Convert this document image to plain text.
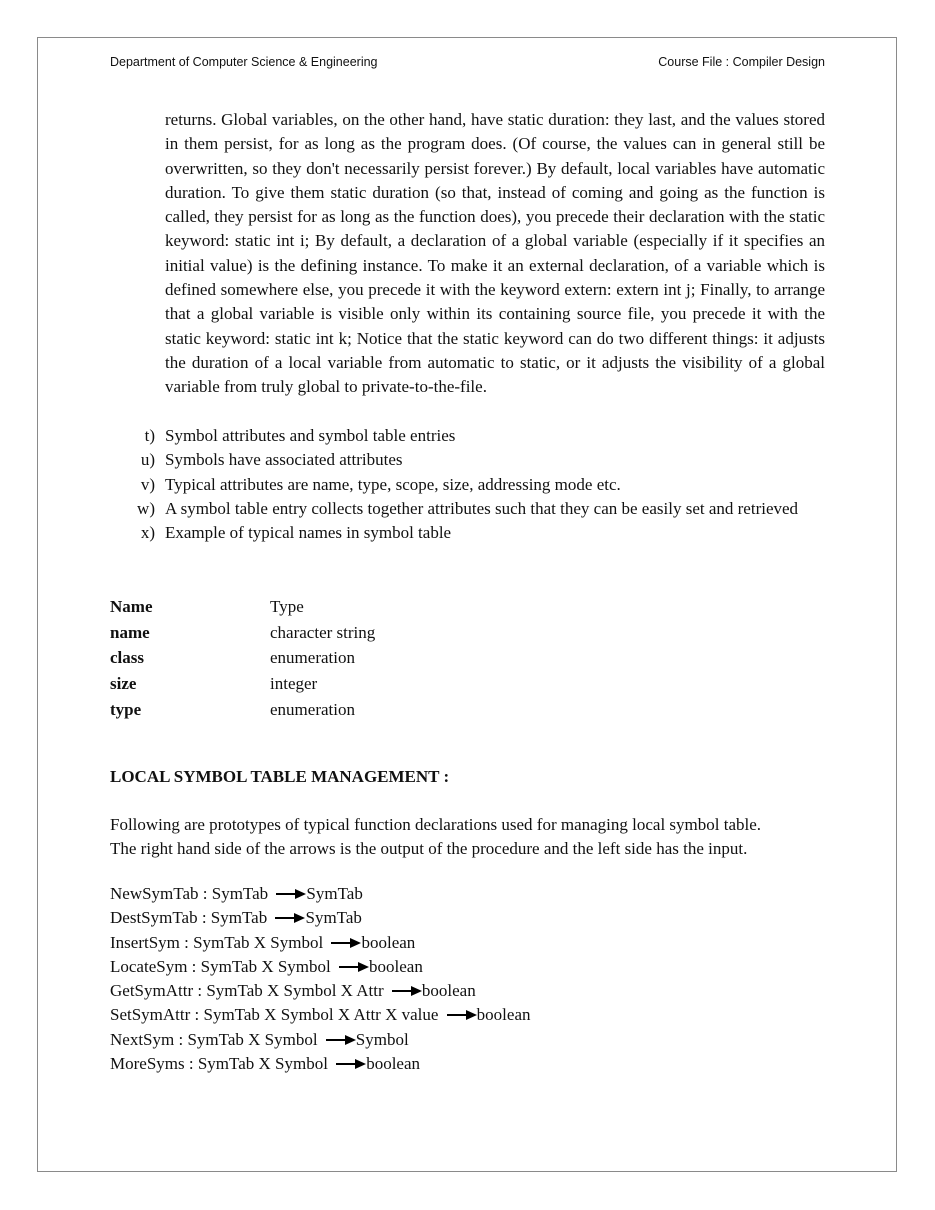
Department of Computer Science & Engineering	Course File : Compiler Design
returns. Global variables, on the other hand, have static duration: they last, and the values stored in them persist, for as long as the program does. (Of course, the values can in general still be overwritten, so they don't necessarily persist forever.) By default, local variables have automatic duration. To give them static duration (so that, instead of coming and going as the function is called, they persist for as long as the function does), you precede their declaration with the static keyword: static int i; By default, a declaration of a global variable (especially if it specifies an initial value) is the defining instance. To make it an external declaration, of a variable which is defined somewhere else, you precede it with the keyword extern: extern int j; Finally, to arrange that a global variable is visible only within its containing source file, you precede it with the static keyword: static int k; Notice that the static keyword can do two different things: it adjusts the duration of a local variable from automatic to static, or it adjusts the visibility of a global variable from truly global to private-to-the-file.
t) Symbol attributes and symbol table entries
u) Symbols have associated attributes
v) Typical attributes are name, type, scope, size, addressing mode etc.
w) A symbol table entry collects together attributes such that they can be easily set and retrieved
x) Example of typical names in symbol table
Name	Type
name	character string
class	enumeration
size	integer
type	enumeration
LOCAL SYMBOL TABLE MANAGEMENT :
Following are prototypes of typical function declarations used for managing local symbol table.
The right hand side of the arrows is the output of the procedure and the left side has the input.
NewSymTab : SymTab SymTab
DestSymTab : SymTab SymTab
InsertSym : SymTab X Symbol boolean
LocateSym : SymTab X Symbol boolean
GetSymAttr : SymTab X Symbol X Attr boolean
SetSymAttr : SymTab X Symbol X Attr X value boolean
NextSym : SymTab X Symbol Symbol
MoreSyms : SymTab X Symbol boolean
